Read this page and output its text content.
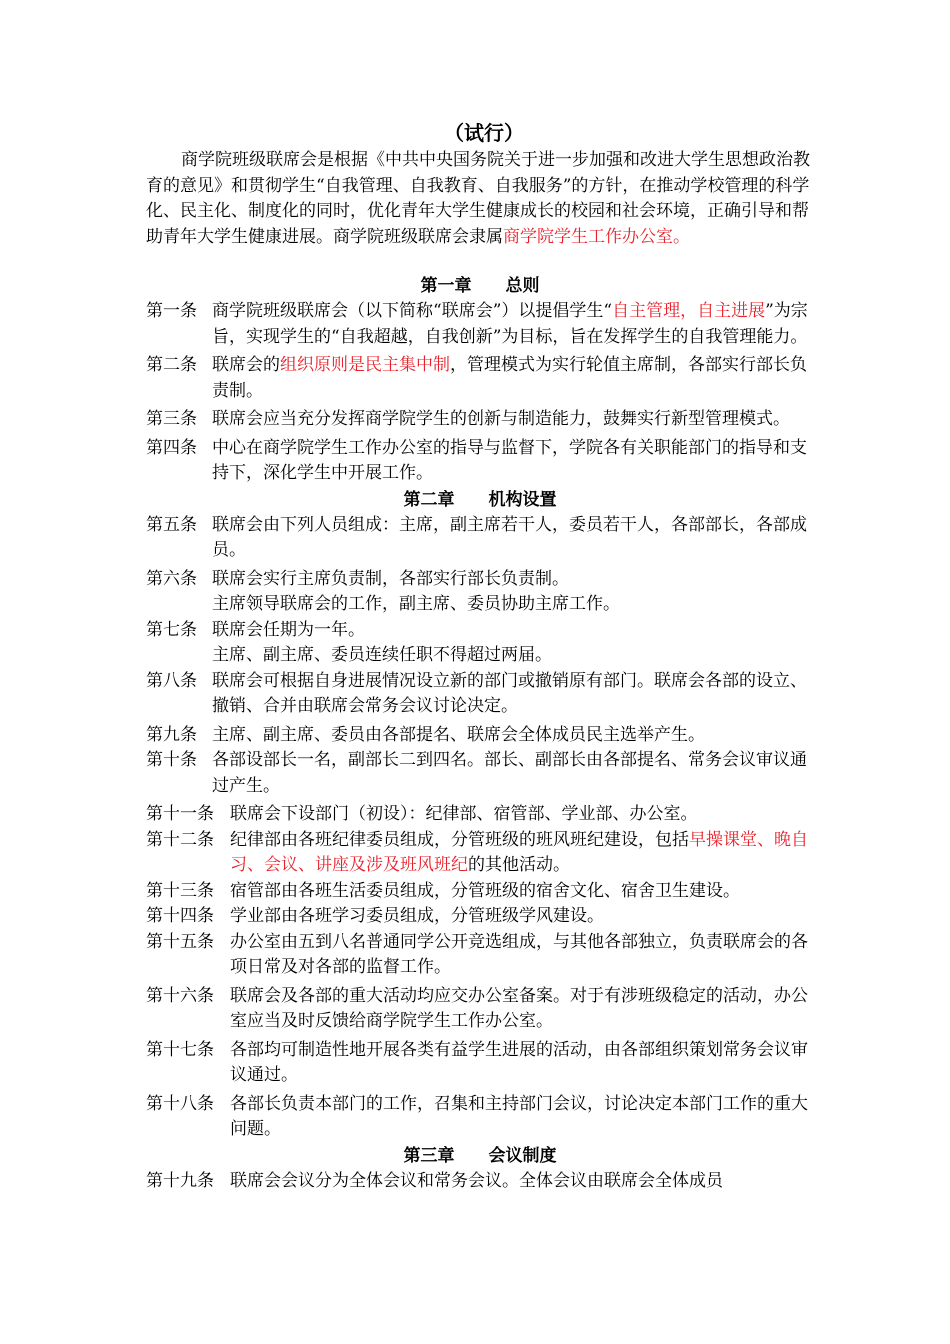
（试行）

商学院班级联席会是根据《中共中央国务院关于进一步加强和改进大学生思想政治教育的意见》和贯彻学生“自我管理、自我教育、自我服务”的方针，在推动学校管理的科学化、民主化、制度化的同时，优化青年大学生健康成长的校园和社会环境，正确引导和帮助青年大学生健康进展。商学院班级联席会隶属商学院学生工作办公室。

第一章　　总则
第一条 商学院班级联席会（以下简称“联席会”）以提倡学生“自主管理，自主进展”为宗旨，实现学生的“自我超越，自我创新”为目标，旨在发挥学生的自我管理能力。
第二条 联席会的组织原则是民主集中制，管理模式为实行轮值主席制，各部实行部长负责制。
第三条 联席会应当充分发挥商学院学生的创新与制造能力，鼓舞实行新型管理模式。
第四条 中心在商学院学生工作办公室的指导与监督下，学院各有关职能部门的指导和支持下，深化学生中开展工作。
第二章　　机构设置
第五条 联席会由下列人员组成：主席，副主席若干人，委员若干人，各部部长，各部成员。
第六条 联席会实行主席负责制，各部实行部长负责制。
主席领导联席会的工作，副主席、委员协助主席工作。
第七条 联席会任期为一年。
主席、副主席、委员连续任职不得超过两届。
第八条 联席会可根据自身进展情况设立新的部门或撤销原有部门。联席会各部的设立、撤销、合并由联席会常务会议讨论决定。
第九条 主席、副主席、委员由各部提名、联席会全体成员民主选举产生。
第十条 各部设部长一名，副部长二到四名。部长、副部长由各部提名、常务会议审议通过产生。
第十一条 联席会下设部门（初设）：纪律部、宿管部、学业部、办公室。
第十二条 纪律部由各班纪律委员组成，分管班级的班风班纪建设，包括早操课堂、晚自习、会议、讲座及涉及班风班纪的其他活动。
第十三条 宿管部由各班生活委员组成，分管班级的宿舍文化、宿舍卫生建设。
第十四条 学业部由各班学习委员组成，分管班级学风建设。
第十五条 办公室由五到八名普通同学公开竞选组成，与其他各部独立，负责联席会的各项日常及对各部的监督工作。
第十六条 联席会及各部的重大活动均应交办公室备案。对于有涉班级稳定的活动，办公室应当及时反馈给商学院学生工作办公室。
第十七条 各部均可制造性地开展各类有益学生进展的活动，由各部组织策划常务会议审议通过。
第十八条 各部长负责本部门的工作，召集和主持部门会议，讨论决定本部门工作的重大问题。
第三章　　会议制度
第十九条 联席会会议分为全体会议和常务会议。全体会议由联席会全体成员
